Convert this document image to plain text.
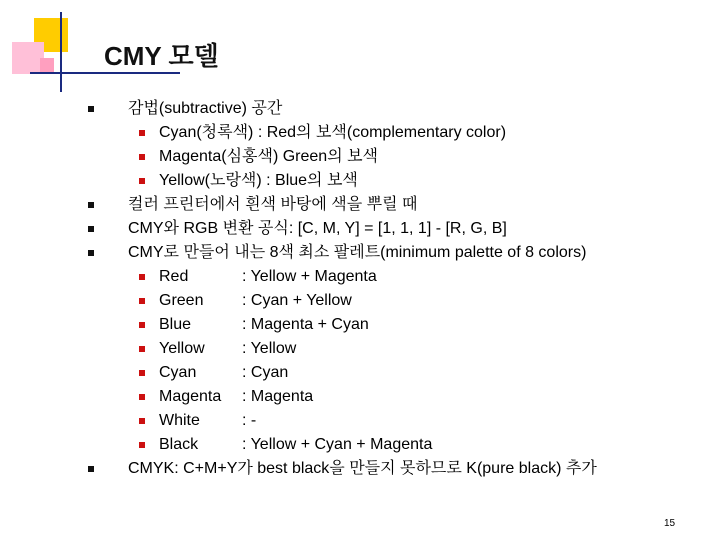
CMY 모델
감법(subtractive) 공간
Cyan(청록색) : Red의 보색(complementary color)
Magenta(심홍색) Green의 보색
Yellow(노랑색) : Blue의 보색
컬러 프린터에서 흰색 바탕에 색을 뿌릴 때
CMY와 RGB 변환 공식: [C, M, Y] = [1, 1, 1] - [R, G, B]
CMY로 만들어 내는 8색 최소 팔레트(minimum palette of 8 colors)
Red	: Yellow + Magenta
Green : Cyan + Yellow
Blue	: Magenta + Cyan
Yellow : Yellow
Cyan	: Cyan
Magenta : Magenta
White	: -
Black	: Yellow + Cyan + Magenta
CMYK: C+M+Y가 best black을 만들지 못하므로 K(pure black) 추가
15
